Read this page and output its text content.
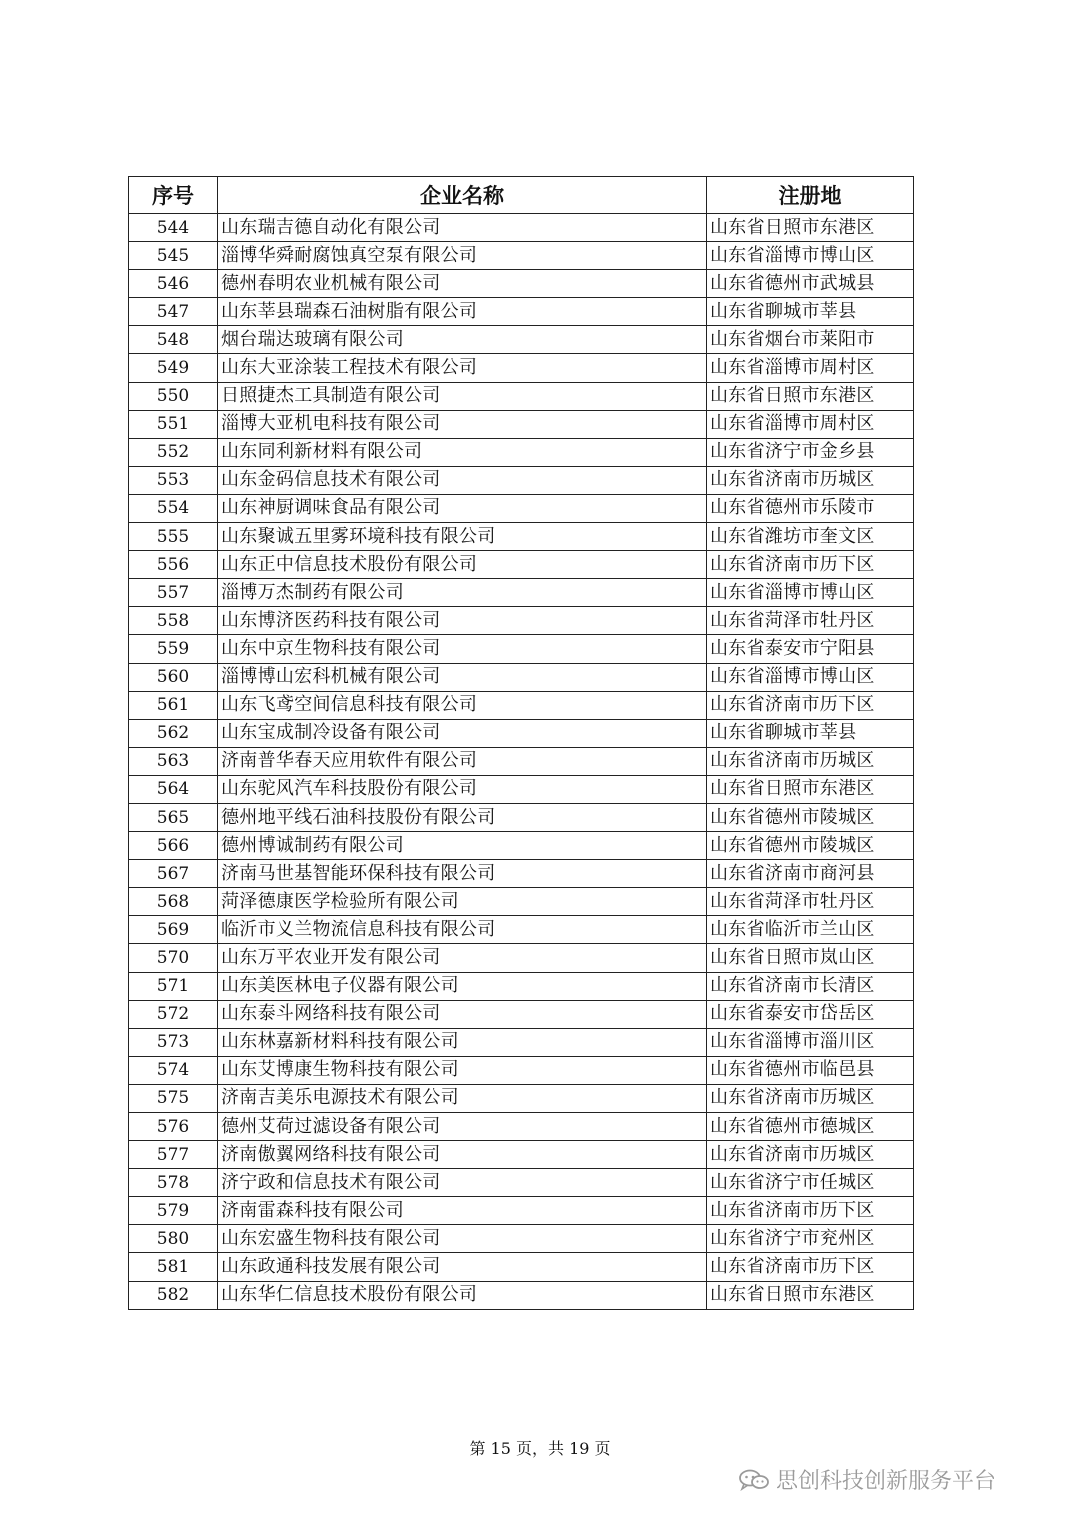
序号	企业名称	注册地
544	山东瑞吉德自动化有限公司	山东省日照市东港区
545	淄博华舜耐腐蚀真空泵有限公司	山东省淄博市博山区
546	德州春明农业机械有限公司	山东省德州市武城县
547	山东莘县瑞森石油树脂有限公司	山东省聊城市莘县
548	烟台瑞达玻璃有限公司	山东省烟台市莱阳市
549	山东大亚涂装工程技术有限公司	山东省淄博市周村区
550	日照捷杰工具制造有限公司	山东省日照市东港区
551	淄博大亚机电科技有限公司	山东省淄博市周村区
552	山东同利新材料有限公司	山东省济宁市金乡县
553	山东金码信息技术有限公司	山东省济南市历城区
554	山东神厨调味食品有限公司	山东省德州市乐陵市
555	山东聚诚五里雾环境科技有限公司	山东省潍坊市奎文区
556	山东正中信息技术股份有限公司	山东省济南市历下区
557	淄博万杰制药有限公司	山东省淄博市博山区
558	山东博济医药科技有限公司	山东省菏泽市牡丹区
559	山东中京生物科技有限公司	山东省泰安市宁阳县
560	淄博博山宏科机械有限公司	山东省淄博市博山区
561	山东飞鸢空间信息科技有限公司	山东省济南市历下区
562	山东宝成制冷设备有限公司	山东省聊城市莘县
563	济南普华春天应用软件有限公司	山东省济南市历城区
564	山东驼风汽车科技股份有限公司	山东省日照市东港区
565	德州地平线石油科技股份有限公司	山东省德州市陵城区
566	德州博诚制药有限公司	山东省德州市陵城区
567	济南马世基智能环保科技有限公司	山东省济南市商河县
568	菏泽德康医学检验所有限公司	山东省菏泽市牡丹区
569	临沂市义兰物流信息科技有限公司	山东省临沂市兰山区
570	山东万平农业开发有限公司	山东省日照市岚山区
571	山东美医林电子仪器有限公司	山东省济南市长清区
572	山东泰斗网络科技有限公司	山东省泰安市岱岳区
573	山东林嘉新材料科技有限公司	山东省淄博市淄川区
574	山东艾博康生物科技有限公司	山东省德州市临邑县
575	济南吉美乐电源技术有限公司	山东省济南市历城区
576	德州艾荷过滤设备有限公司	山东省德州市德城区
577	济南傲翼网络科技有限公司	山东省济南市历城区
578	济宁政和信息技术有限公司	山东省济宁市任城区
579	济南雷森科技有限公司	山东省济南市历下区
580	山东宏盛生物科技有限公司	山东省济宁市兖州区
581	山东政通科技发展有限公司	山东省济南市历下区
582	山东华仁信息技术股份有限公司	山东省日照市东港区
第 15 页，共 19 页
思创科技创新服务平台
